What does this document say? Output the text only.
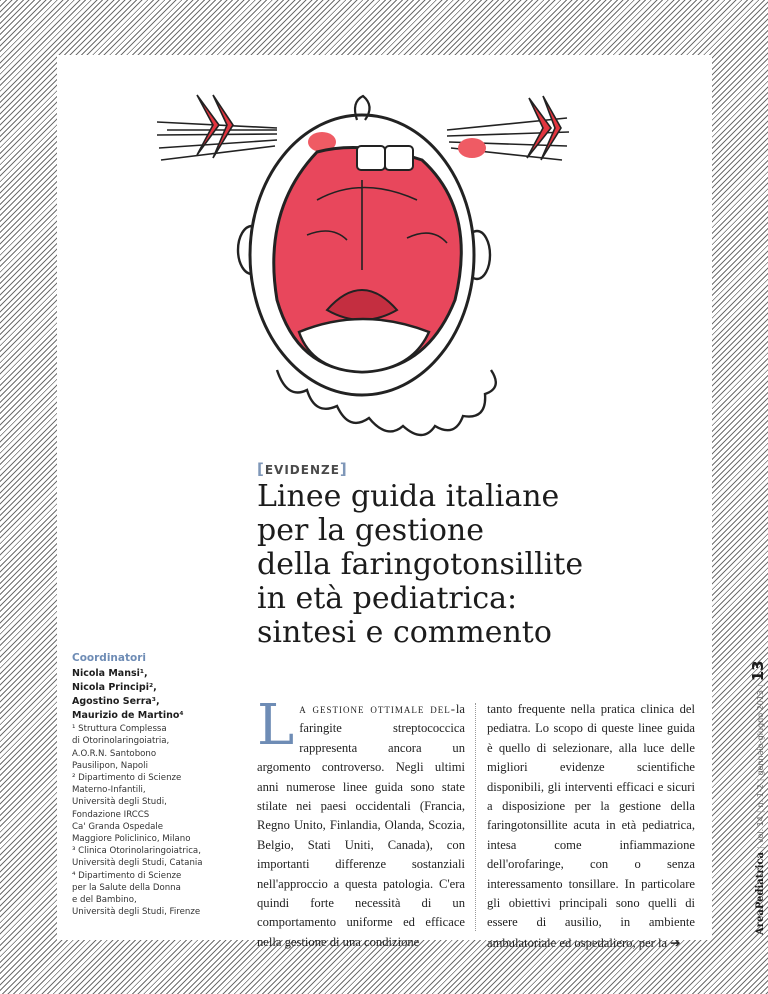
[EVIDENZE]
Linee guida italiane
per la gestione
della faringotonsillite
in età pediatrica:
sintesi e commento
Coordinatori
Nicola Mansi¹,
Nicola Principi²,
Agostino Serra³,
Maurizio de Martino⁴
¹ Struttura Complessa
di Otorinolaringoiatria,
A.O.R.N. Santobono
Pausilipon, Napoli
² Dipartimento di Scienze
Materno-Infantili,
Università degli Studi,
Fondazione IRCCS
Ca' Granda Ospedale
Maggiore Policlinico, Milano
³ Clinica Otorinolaringoiatrica,
Università degli Studi, Catania
⁴ Dipartimento di Scienze
per la Salute della Donna
e del Bambino,
Università degli Studi, Firenze
La gestione ottimale del-la faringite streptococcica rappresenta ancora un argomento controverso. Negli ultimi anni numerose linee guida sono state stilate nei paesi occidentali (Francia, Regno Unito, Finlandia, Olanda, Scozia, Belgio, Stati Uniti, Canada), con importanti differenze sostanziali nell'approccio a questa patologia. C'era quindi forte necessità di un comportamento uniforme ed efficace nella gestione di una condizione
tanto frequente nella pratica clinica del pediatra. Lo scopo di queste linee guida è quello di selezionare, alla luce delle migliori evidenze scientifiche disponibili, gli interventi efficaci e sicuri a disposizione per la gestione della faringotonsillite acuta in età pediatrica, intesa come infiammazione dell'orofaringe, con o senza interessamento tonsillare. In particolare gli obiettivi principali sono quelli di essere di ausilio, in ambiente ambulatoriale ed ospedaliero, per la ➔
AreaPediatrica|vol. 14|n. 1-2|gennaio-giugno 2013|13
